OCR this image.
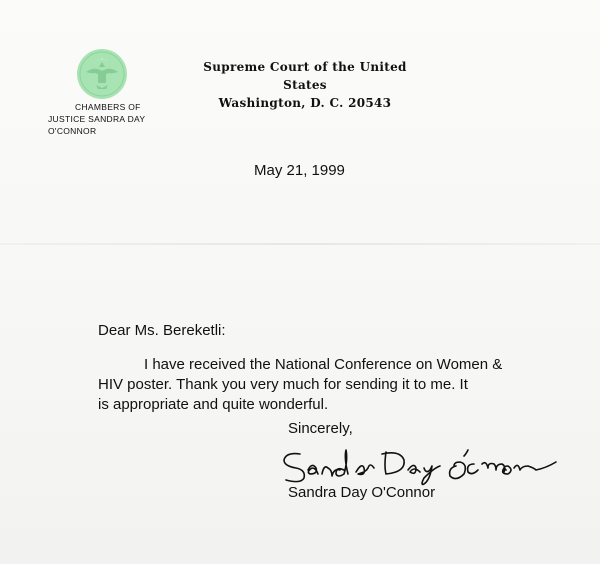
CHAMBERS OF
JUSTICE SANDRA DAY O'CONNOR
Supreme Court of the United States
Washington, D. C. 20543
May 21, 1999
Dear Ms. Bereketli:
I have received the National Conference on Women &
HIV poster. Thank you very much for sending it to me. It
is appropriate and quite wonderful.
Sincerely,
Sandra Day O'Connor
